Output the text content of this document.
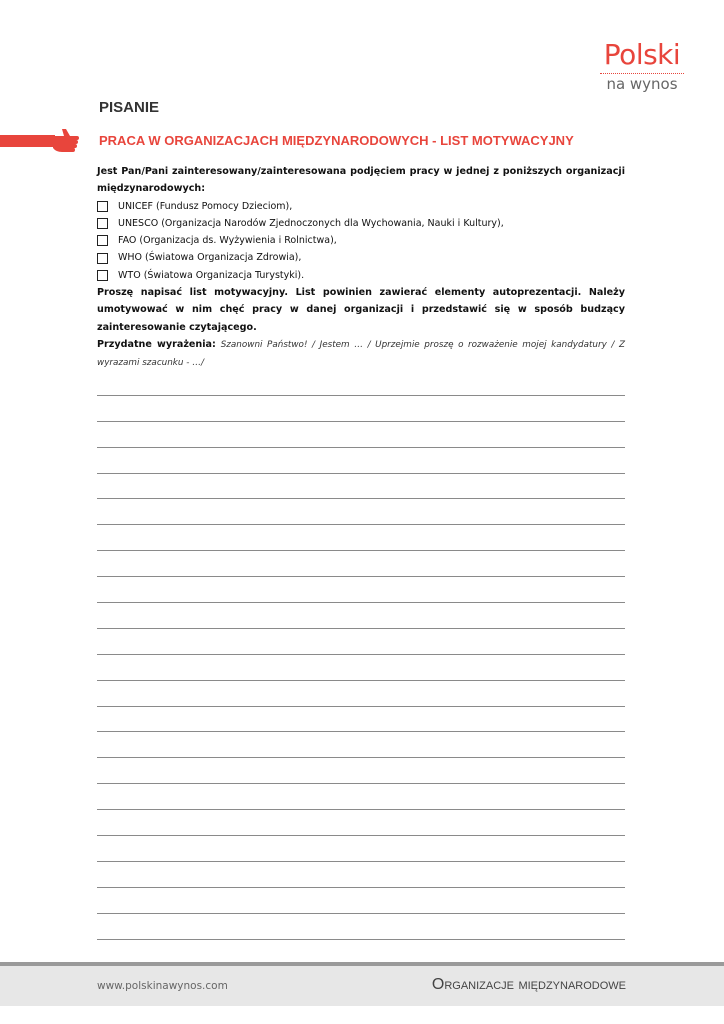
Polski
na wynos
PISANIE
PRACA W ORGANIZACJACH MIĘDZYNARODOWYCH - LIST MOTYWACYJNY
Jest Pan/Pani zainteresowany/zainteresowana podjęciem pracy w jednej z poniższych organizacji międzynarodowych:
UNICEF (Fundusz Pomocy Dzieciom),
UNESCO (Organizacja Narodów Zjednoczonych dla Wychowania, Nauki i Kultury),
FAO (Organizacja ds. Wyżywienia i Rolnictwa),
WHO (Światowa Organizacja Zdrowia),
WTO (Światowa Organizacja Turystyki).
Proszę napisać list motywacyjny. List powinien zawierać elementy autoprezentacji. Należy umotywować w nim chęć pracy w danej organizacji i przedstawić się w sposób budzący zainteresowanie czytającego.
Przydatne wyrażenia: Szanowni Państwo! / Jestem … / Uprzejmie proszę o rozważenie mojej kandydatury / Z wyrazami szacunku - …/
www.polskinawynos.com	Organizacje międzynarodowe
